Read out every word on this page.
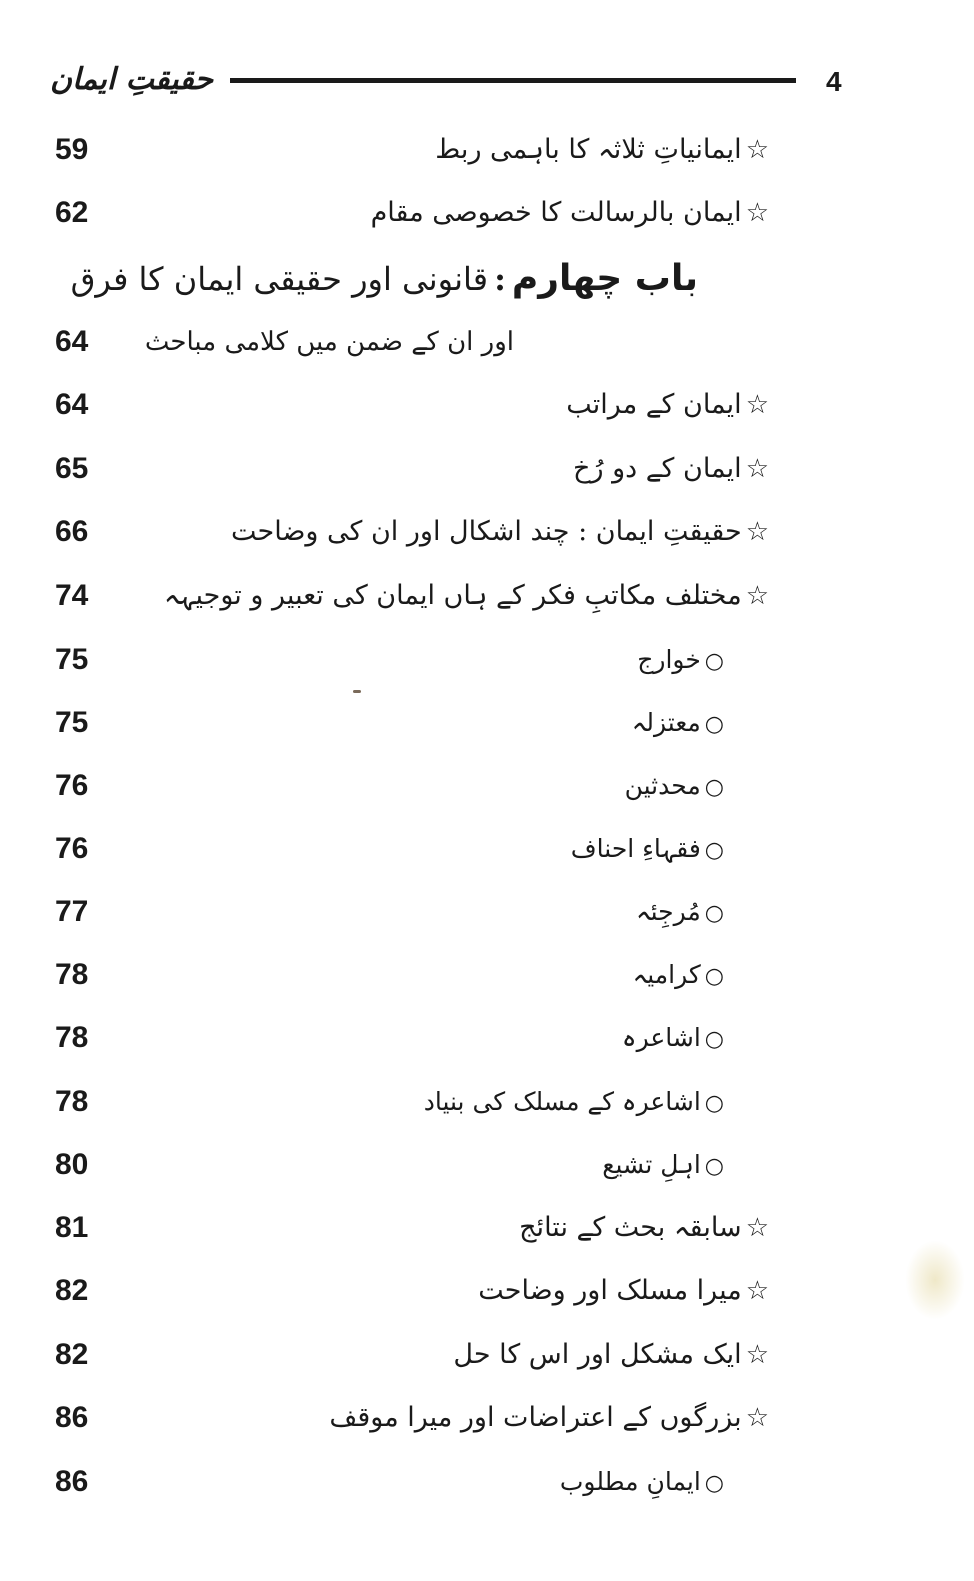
حقیقتِ ایمان	4
باب چهارم:قانونی اور حقیقی ایمان کا فرق
59	☆ایمانیاتِ ثلاثہ کا باہمی ربط
62	☆ایمان بالرسالت کا خصوصی مقام
64	اور ان کے ضمن میں کلامی مباحث
64	☆ایمان کے مراتب
65	☆ایمان کے دو رُخ
66	☆حقیقتِ ایمان : چند اشکال اور ان کی وضاحت
74	☆مختلف مکاتبِ فکر کے ہاں ایمان کی تعبیر و توجیہہ
75	○خوارج
75	○معتزلہ
76	○محدثین
76	○فقہاءِ احناف
77	○مُرجِئہ
78	○کرامیہ
78	○اشاعرہ
78	○اشاعرہ کے مسلک کی بنیاد
80	○اہلِ تشیع
81	☆سابقہ بحث کے نتائج
82	☆میرا مسلک اور وضاحت
82	☆ایک مشکل اور اس کا حل
86	☆بزرگوں کے اعتراضات اور میرا موقف
86	○ایمانِ مطلوب
